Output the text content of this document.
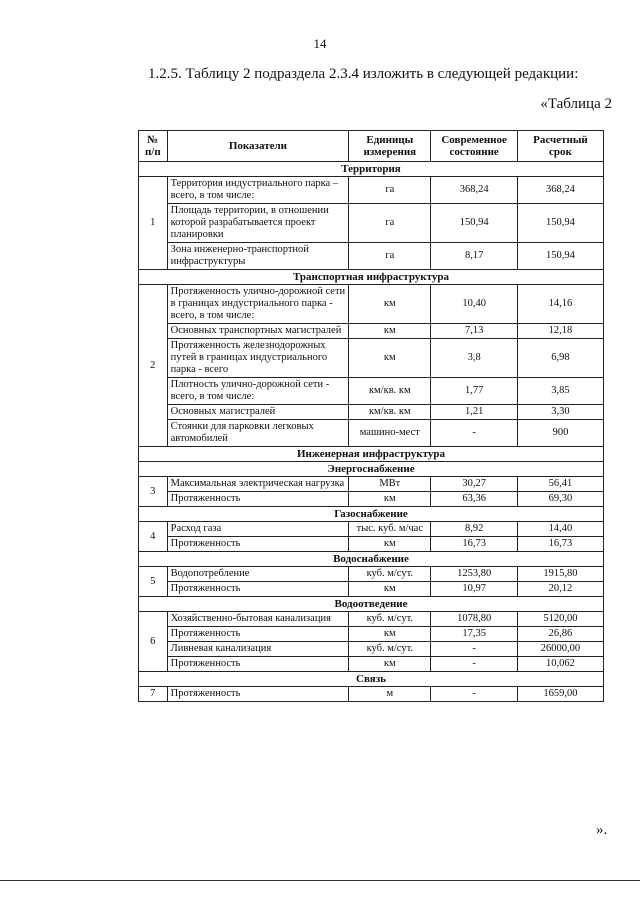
14
1.2.5. Таблицу 2 подраздела 2.3.4 изложить в следующей редакции:
«Таблица 2
№ п/п	Показатели	Единицы измерения	Современное состояние	Расчетный срок
Территория				
1	Территория индустриального парка – всего, в том числе:	га	368,24	368,24
	Площадь территории, в отношении которой разрабатывается проект планировки	га	150,94	150,94
	Зона инженерно-транспортной инфраструктуры	га	8,17	150,94
Транспортная инфраструктура				
2	Протяженность улично-дорожной сети в границах индустриального парка - всего, в том числе:	км	10,40	14,16
	Основных транспортных магистралей	км	7,13	12,18
	Протяженность железнодорожных путей в границах индустриального парка - всего	км	3,8	6,98
	Плотность улично-дорожной сети - всего, в том числе:	км/кв. км	1,77	3,85
	Основных магистралей	км/кв. км	1,21	3,30
	Стоянки для парковки легковых автомобилей	машино-мест	-	900
Инженерная инфраструктура				
Энергоснабжение				
3	Максимальная электрическая нагрузка	МВт	30,27	56,41
	Протяженность	км	63,36	69,30
Газоснабжение				
4	Расход газа	тыс. куб. м/час	8,92	14,40
	Протяженность	км	16,73	16,73
Водоснабжение				
5	Водопотребление	куб. м/сут.	1253,80	1915,80
	Протяженность	км	10,97	20,12
Водоотведение				
6	Хозяйственно-бытовая канализация	куб. м/сут.	1078,80	5120,00
	Протяженность	км	17,35	26,86
	Ливневая канализация	куб. м/сут.	-	26000,00
	Протяженность	км	-	10,062
Связь				
7	Протяженность	м	-	1659,00
».
